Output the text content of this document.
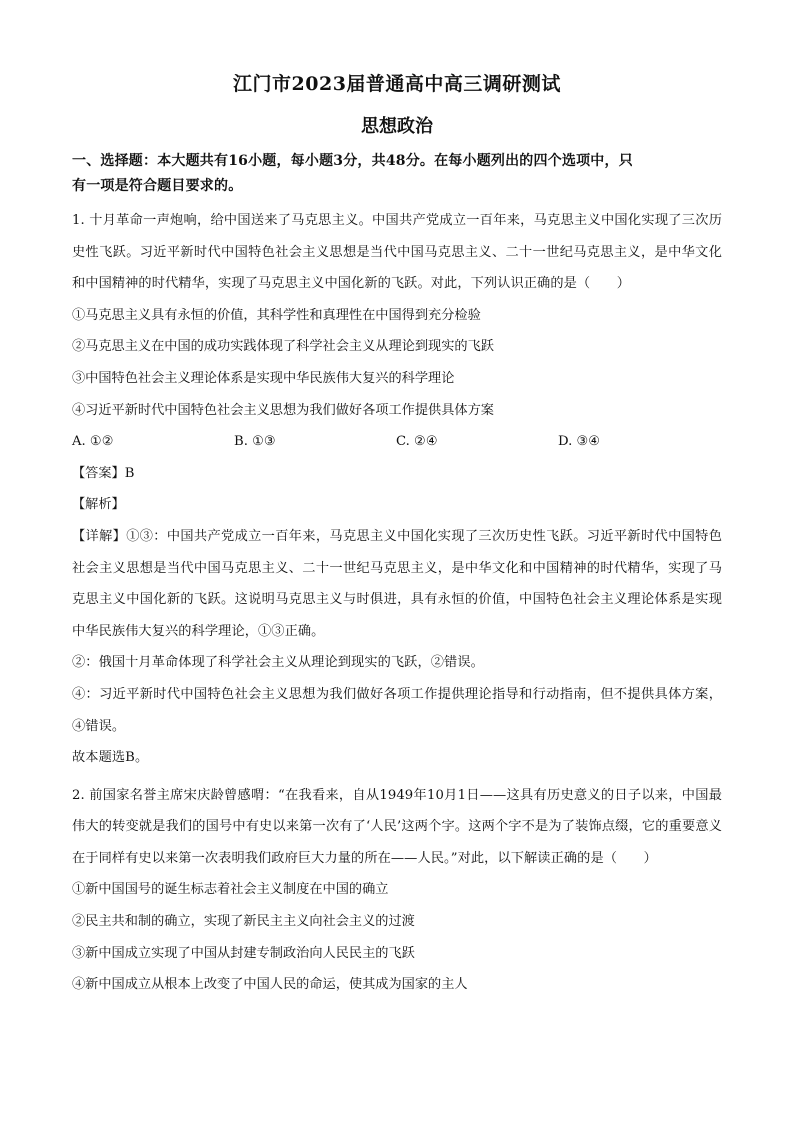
江门市2023届普通高中高三调研测试
思想政治
一、选择题：本大题共有16小题，每小题3分，共48分。在每小题列出的四个选项中，只
有一项是符合题目要求的。
1. 十月革命一声炮响，给中国送来了马克思主义。中国共产党成立一百年来，马克思主义中国化实现了三次历史性飞跃。习近平新时代中国特色社会主义思想是当代中国马克思主义、二十一世纪马克思主义，是中华文化和中国精神的时代精华，实现了马克思主义中国化新的飞跃。对此，下列认识正确的是（　　）
①马克思主义具有永恒的价值，其科学性和真理性在中国得到充分检验
②马克思主义在中国的成功实践体现了科学社会主义从理论到现实的飞跃
③中国特色社会主义理论体系是实现中华民族伟大复兴的科学理论
④习近平新时代中国特色社会主义思想为我们做好各项工作提供具体方案
A. ①②	B. ①③	C. ②④	D. ③④
【答案】B
【解析】
【详解】①③：中国共产党成立一百年来，马克思主义中国化实现了三次历史性飞跃。习近平新时代中国特色社会主义思想是当代中国马克思主义、二十一世纪马克思主义，是中华文化和中国精神的时代精华，实现了马克思主义中国化新的飞跃。这说明马克思主义与时俱进，具有永恒的价值，中国特色社会主义理论体系是实现中华民族伟大复兴的科学理论，①③正确。
②：俄国十月革命体现了科学社会主义从理论到现实的飞跃，②错误。
④：习近平新时代中国特色社会主义思想为我们做好各项工作提供理论指导和行动指南，但不提供具体方案，④错误。
故本题选B。
2. 前国家名誉主席宋庆龄曾感喟：“在我看来，自从1949年10月1日——这具有历史意义的日子以来，中国最伟大的转变就是我们的国号中有史以来第一次有了‘人民’这两个字。这两个字不是为了装饰点缀，它的重要意义在于同样有史以来第一次表明我们政府巨大力量的所在——人民。”对此，以下解读正确的是（　　）
①新中国国号的诞生标志着社会主义制度在中国的确立
②民主共和制的确立，实现了新民主主义向社会主义的过渡
③新中国成立实现了中国从封建专制政治向人民民主的飞跃
④新中国成立从根本上改变了中国人民的命运，使其成为国家的主人
